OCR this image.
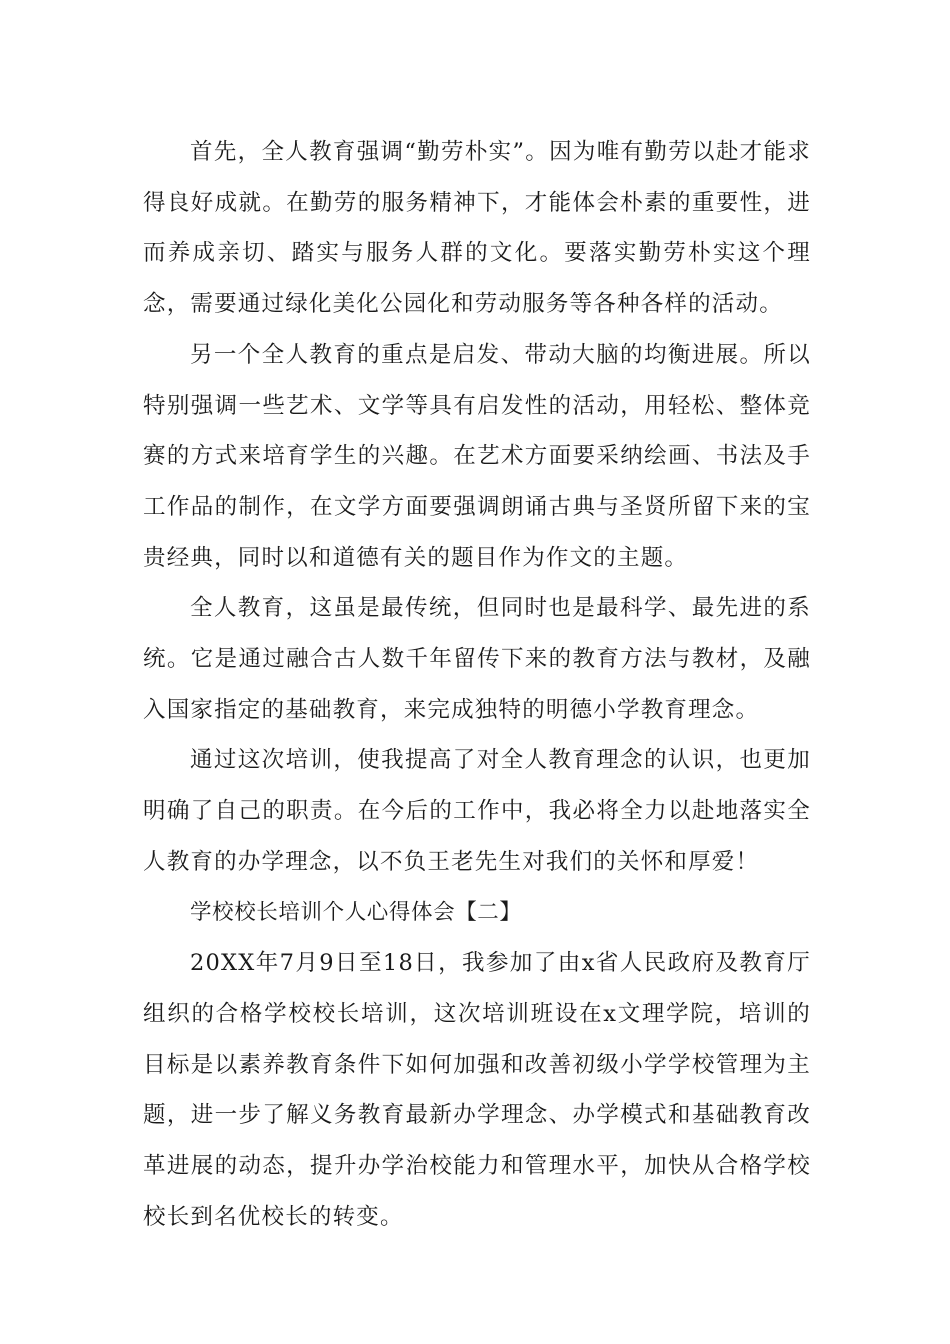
首先，全人教育强调“勤劳朴实”。因为唯有勤劳以赴才能求得良好成就。在勤劳的服务精神下，才能体会朴素的重要性，进而养成亲切、踏实与服务人群的文化。要落实勤劳朴实这个理念，需要通过绿化美化公园化和劳动服务等各种各样的活动。

另一个全人教育的重点是启发、带动大脑的均衡进展。所以特别强调一些艺术、文学等具有启发性的活动，用轻松、整体竞赛的方式来培育学生的兴趣。在艺术方面要采纳绘画、书法及手工作品的制作，在文学方面要强调朗诵古典与圣贤所留下来的宝贵经典，同时以和道德有关的题目作为作文的主题。

全人教育，这虽是最传统，但同时也是最科学、最先进的系统。它是通过融合古人数千年留传下来的教育方法与教材，及融入国家指定的基础教育，来完成独特的明德小学教育理念。

通过这次培训，使我提高了对全人教育理念的认识，也更加明确了自己的职责。在今后的工作中，我必将全力以赴地落实全人教育的办学理念，以不负王老先生对我们的关怀和厚爱！

学校校长培训个人心得体会【二】

20XX年7月9日至18日，我参加了由x省人民政府及教育厅组织的合格学校校长培训，这次培训班设在x文理学院，培训的目标是以素养教育条件下如何加强和改善初级小学学校管理为主题，进一步了解义务教育最新办学理念、办学模式和基础教育改革进展的动态，提升办学治校能力和管理水平，加快从合格学校校长到名优校长的转变。
